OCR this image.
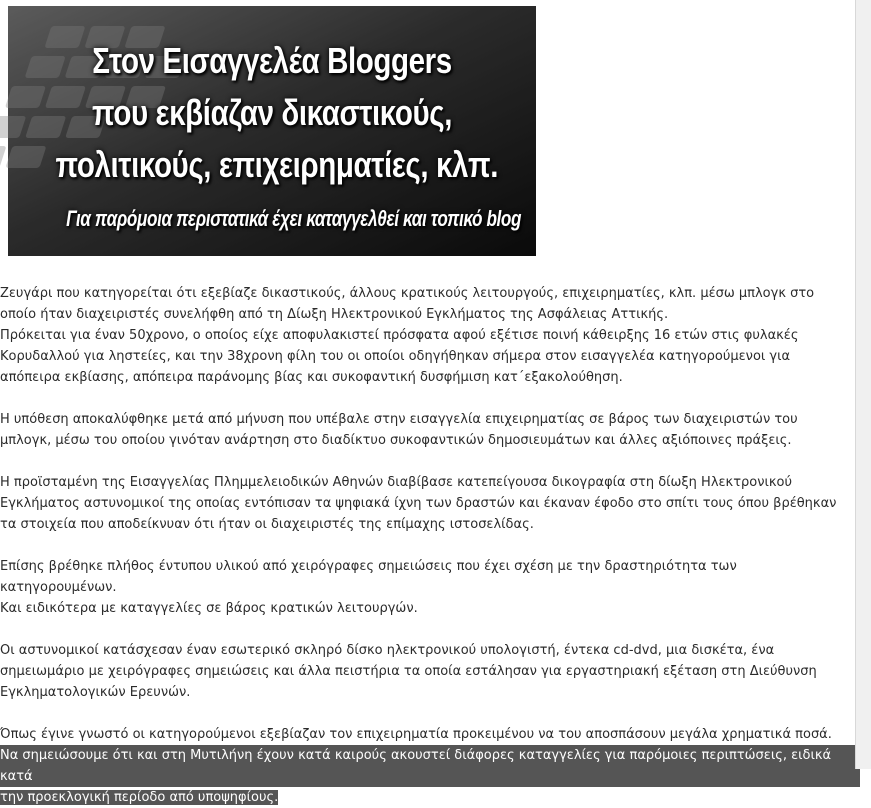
Στον Εισαγγελέα Bloggers
που εκβίαζαν δικαστικούς,
πολιτικούς, επιχειρηματίες, κλπ.
Για παρόμοια περιστατικά έχει καταγγελθεί και τοπικό blog

Ζευγάρι που κατηγορείται ότι εξεβίαζε δικαστικούς, άλλους κρατικούς λειτουργούς, επιχειρηματίες, κλπ. μέσω μπλογκ στο οποίο ήταν διαχειριστές συνελήφθη από τη Δίωξη Ηλεκτρονικού Εγκλήματος της Ασφάλειας Αττικής.
Πρόκειται για έναν 50χρονο, ο οποίος είχε αποφυλακιστεί πρόσφατα αφού εξέτισε ποινή κάθειρξης 16 ετών στις φυλακές Κορυδαλλού για ληστείες, και την 38χρονη φίλη του οι οποίοι οδηγήθηκαν σήμερα στον εισαγγελέα κατηγορούμενοι για απόπειρα εκβίασης, απόπειρα παράνομης βίας και συκοφαντική δυσφήμιση κατ΄εξακολούθηση.

Η υπόθεση αποκαλύφθηκε μετά από μήνυση που υπέβαλε στην εισαγγελία επιχειρηματίας σε βάρος των διαχειριστών του μπλογκ, μέσω του οποίου γινόταν ανάρτηση στο διαδίκτυο συκοφαντικών δημοσιευμάτων και άλλες αξιόποινες πράξεις.

Η προϊσταμένη της Εισαγγελίας Πλημμελειοδικών Αθηνών διαβίβασε κατεπείγουσα δικογραφία στη δίωξη Ηλεκτρονικού Εγκλήματος αστυνομικοί της οποίας εντόπισαν τα ψηφιακά ίχνη των δραστών και έκαναν έφοδο στο σπίτι τους όπου βρέθηκαν τα στοιχεία που αποδείκνυαν ότι ήταν οι διαχειριστές της επίμαχης ιστοσελίδας.

Επίσης βρέθηκε πλήθος έντυπου υλικού από χειρόγραφες σημειώσεις που έχει σχέση με την δραστηριότητα των κατηγορουμένων.
Και ειδικότερα με καταγγελίες σε βάρος κρατικών λειτουργών.

Οι αστυνομικοί κατάσχεσαν έναν εσωτερικό σκληρό δίσκο ηλεκτρονικού υπολογιστή, έντεκα cd-dvd, μια δισκέτα, ένα σημειωμάριο με χειρόγραφες σημειώσεις και άλλα πειστήρια τα οποία εστάλησαν για εργαστηριακή εξέταση στη Διεύθυνση Εγκληματολογικών Ερευνών.

Όπως έγινε γνωστό οι κατηγορούμενοι εξεβίαζαν τον επιχειρηματία προκειμένου να του αποσπάσουν μεγάλα χρηματικά ποσά.
Να σημειώσουμε ότι και στη Μυτιλήνη έχουν κατά καιρούς ακουστεί διάφορες καταγγελίες για παρόμοιες περιπτώσεις, ειδικά κατά
την προεκλογική περίοδο από υποψηφίους.
